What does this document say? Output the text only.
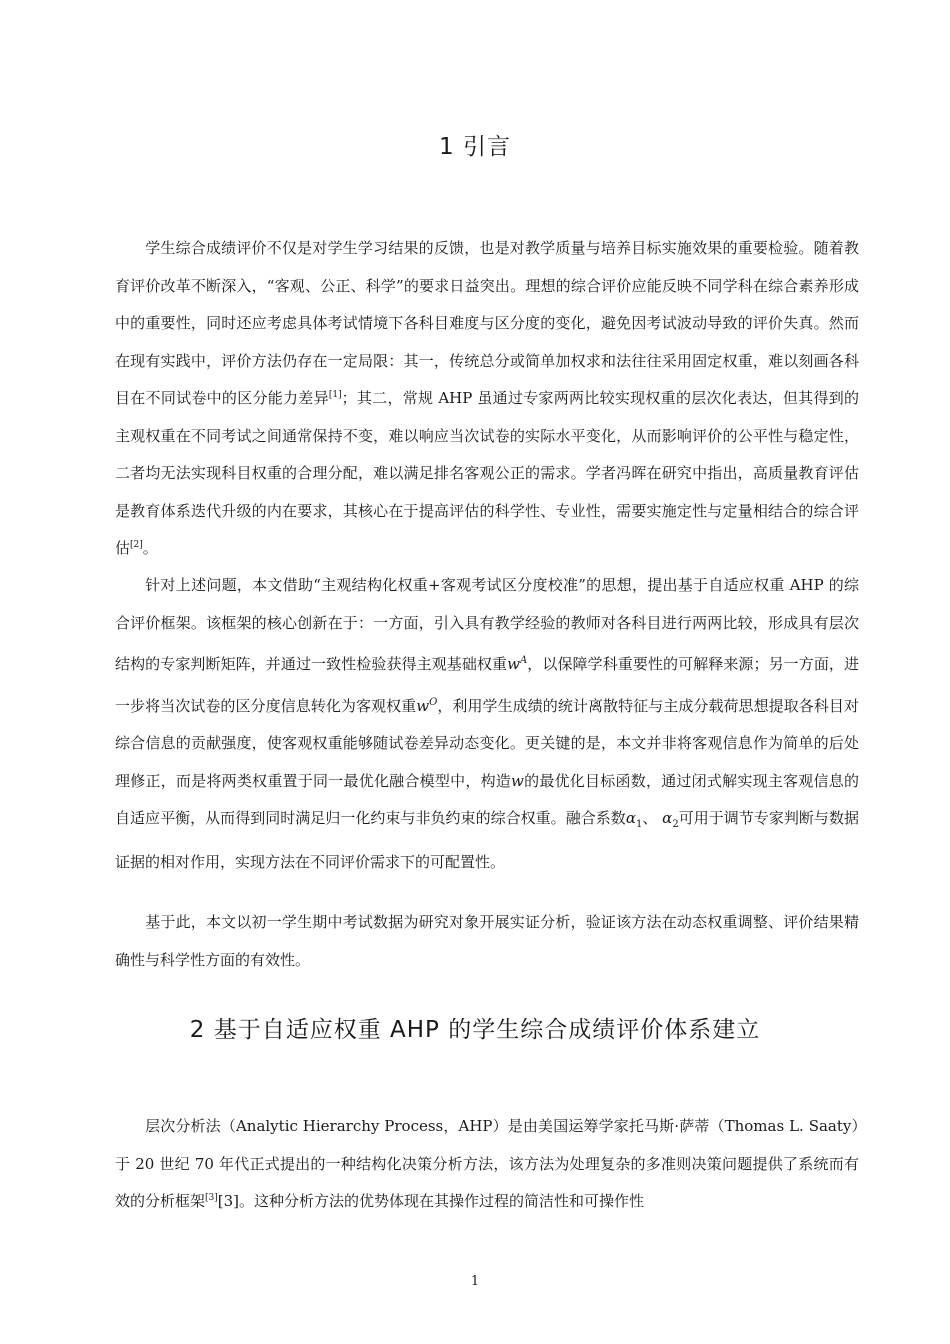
1 引言

学生综合成绩评价不仅是对学生学习结果的反馈，也是对教学质量与培养目标实施效果的重要检验。随着教育评价改革不断深入，“客观、公正、科学”的要求日益突出。理想的综合评价应能反映不同学科在综合素养形成中的重要性，同时还应考虑具体考试情境下各科目难度与区分度的变化，避免因考试波动导致的评价失真。然而在现有实践中，评价方法仍存在一定局限：其一，传统总分或简单加权求和法往往采用固定权重，难以刻画各科目在不同试卷中的区分能力差异[1]；其二，常规 AHP 虽通过专家两两比较实现权重的层次化表达，但其得到的主观权重在不同考试之间通常保持不变，难以响应当次试卷的实际水平变化，从而影响评价的公平性与稳定性，二者均无法实现科目权重的合理分配，难以满足排名客观公正的需求。学者冯晖在研究中指出，高质量教育评估是教育体系迭代升级的内在要求，其核心在于提高评估的科学性、专业性，需要实施定性与定量相结合的综合评估[2]。

针对上述问题，本文借助“主观结构化权重+客观考试区分度校准”的思想，提出基于自适应权重 AHP 的综合评价框架。该框架的核心创新在于：一方面，引入具有教学经验的教师对各科目进行两两比较，形成具有层次结构的专家判断矩阵，并通过一致性检验获得主观基础权重$w^A$，以保障学科重要性的可解释来源；另一方面，进一步将当次试卷的区分度信息转化为客观权重$w^O$，利用学生成绩的统计离散特征与主成分载荷思想提取各科目对综合信息的贡献强度，使客观权重能够随试卷差异动态变化。更关键的是，本文并非将客观信息作为简单的后处理修正，而是将两类权重置于同一最优化融合模型中，构造w的最优化目标函数，通过闭式解实现主客观信息的自适应平衡，从而得到同时满足归一化约束与非负约束的综合权重。融合系数$\alpha_1$、 $\alpha_2$可用于调节专家判断与数据证据的相对作用，实现方法在不同评价需求下的可配置性。

基于此，本文以初一学生期中考试数据为研究对象开展实证分析，验证该方法在动态权重调整、评价结果精确性与科学性方面的有效性。

2 基于自适应权重 AHP 的学生综合成绩评价体系建立

层次分析法（Analytic Hierarchy Process，AHP）是由美国运筹学家托马斯·萨蒂（Thomas L. Saaty）于 20 世纪 70 年代正式提出的一种结构化决策分析方法，该方法为处理复杂的多准则决策问题提供了系统而有效的分析框架[3][3]。这种分析方法的优势体现在其操作过程的简洁性和可操作性

1
